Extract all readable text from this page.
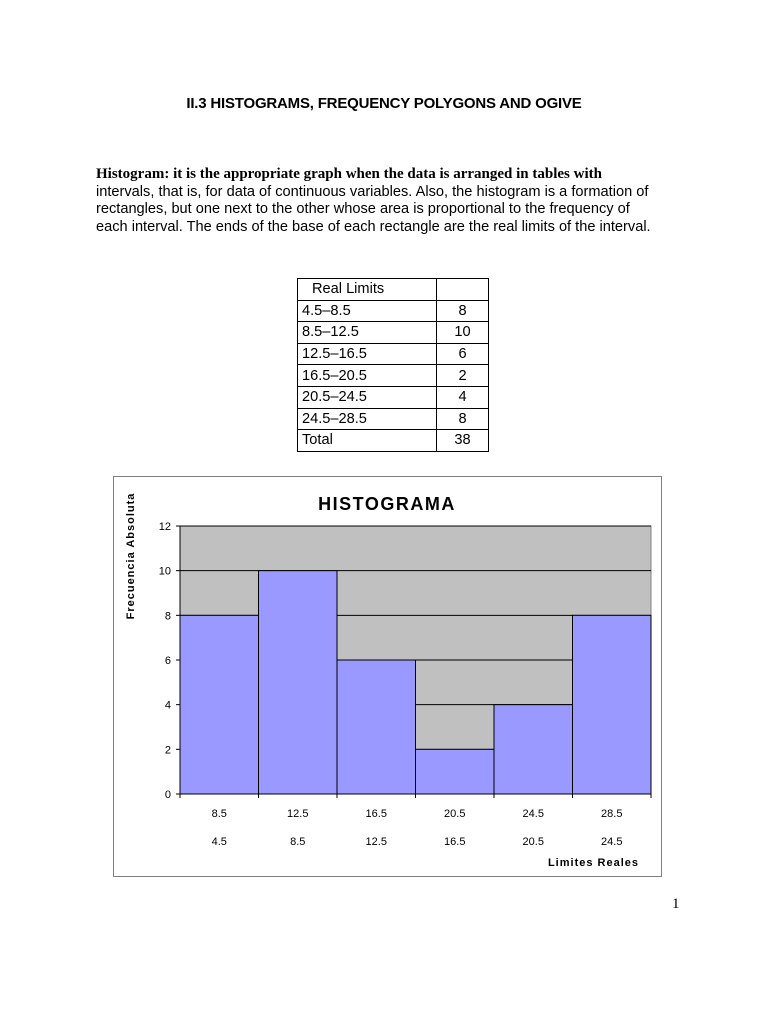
II.3 HISTOGRAMS, FREQUENCY POLYGONS AND OGIVE
Histogram: it is the appropriate graph when the data is arranged in tables with
intervals, that is, for data of continuous variables. Also, the histogram is a formation of rectangles, but one next to the other whose area is proportional to the frequency of each interval. The ends of the base of each rectangle are the real limits of the interval.
Real Limits	
4.5–8.5	8
8.5–12.5	10
12.5–16.5	6
16.5–20.5	2
20.5–24.5	4
24.5–28.5	8
Total	38
0
2
4
6
8
10
12
8.5	12.5	16.5	20.5	24.5	28.5
4.5	8.5	12.5	16.5	20.5	24.5
HISTOGRAMA
Limites Reales
Frecuencia Absoluta
1
